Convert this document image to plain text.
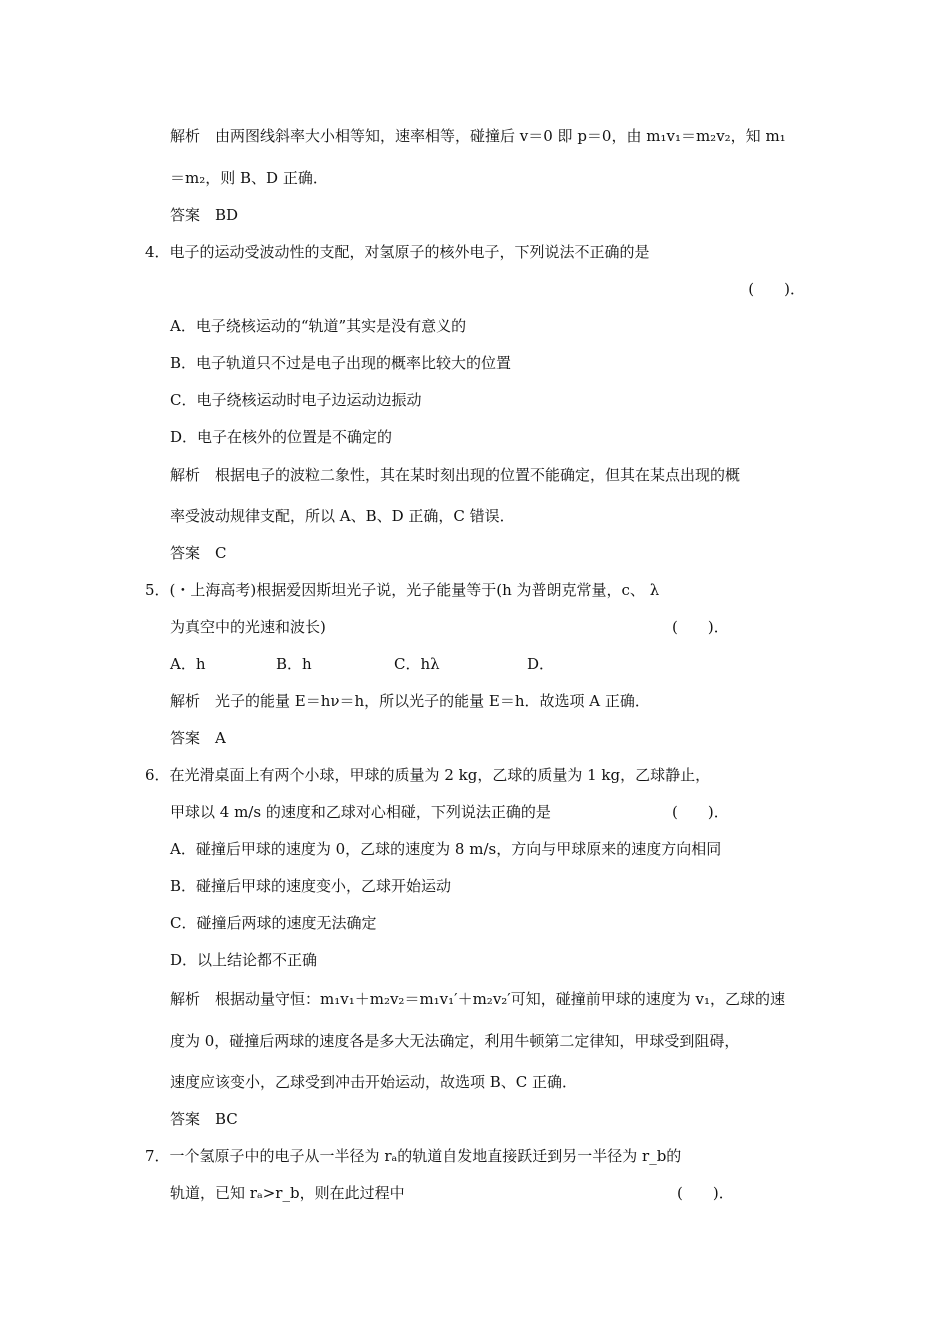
解析　由两图线斜率大小相等知，速率相等，碰撞后 v＝0 即 p＝0，由 m₁v₁＝m₂v₂，知 m₁
＝m₂，则 B、D 正确．
答案　BD
4．电子的运动受波动性的支配，对氢原子的核外电子，下列说法不正确的是
(　　)．
A．电子绕核运动的“轨道”其实是没有意义的
B．电子轨道只不过是电子出现的概率比较大的位置
C．电子绕核运动时电子边运动边振动
D．电子在核外的位置是不确定的
解析　根据电子的波粒二象性，其在某时刻出现的位置不能确定，但其在某点出现的概
率受波动规律支配，所以 A、B、D 正确，C 错误．
答案　C
5．(・上海高考)根据爱因斯坦光子说，光子能量等于(h 为普朗克常量，c、 λ
为真空中的光速和波长)	(　　)．
A．h	B．h	C．hλ	D．
解析　光子的能量 E＝hν＝h，所以光子的能量 E＝h．故选项 A 正确．
答案　A
6．在光滑桌面上有两个小球，甲球的质量为 2 kg，乙球的质量为 1 kg，乙球静止，
甲球以 4 m/s 的速度和乙球对心相碰，下列说法正确的是	(　　)．
A．碰撞后甲球的速度为 0，乙球的速度为 8 m/s，方向与甲球原来的速度方向相同
B．碰撞后甲球的速度变小，乙球开始运动
C．碰撞后两球的速度无法确定
D．以上结论都不正确
解析　根据动量守恒：m₁v₁＋m₂v₂＝m₁v₁′＋m₂v₂′可知，碰撞前甲球的速度为 v₁，乙球的速
度为 0，碰撞后两球的速度各是多大无法确定，利用牛顿第二定律知，甲球受到阻碍，
速度应该变小，乙球受到冲击开始运动，故选项 B、C 正确．
答案　BC
7．一个氢原子中的电子从一半径为 rₐ的轨道自发地直接跃迁到另一半径为 r_b的
轨道，已知 rₐ>r_b，则在此过程中	(　　)．
